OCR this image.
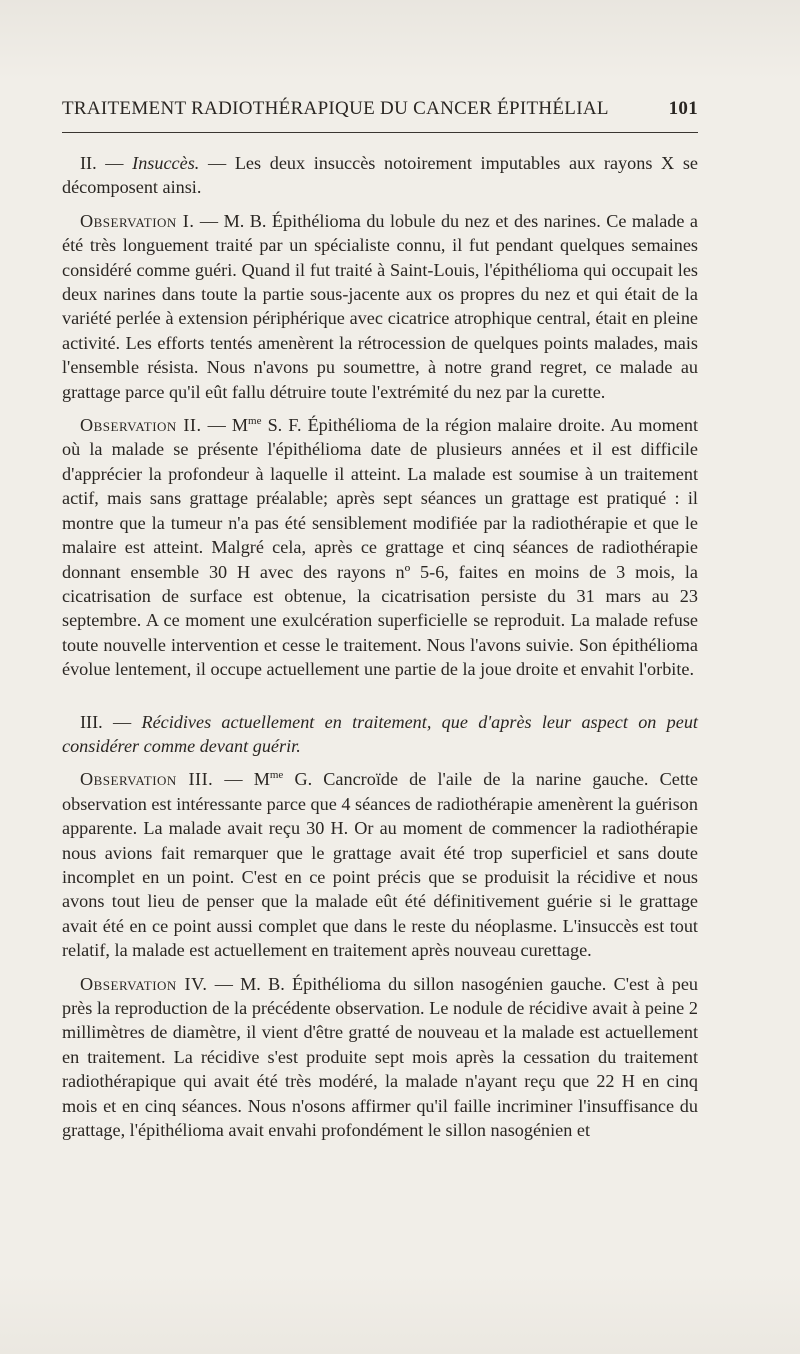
TRAITEMENT RADIOTHÉRAPIQUE DU CANCER ÉPITHÉLIAL	101

II. — Insuccès. — Les deux insuccès notoirement imputables aux rayons X se décomposent ainsi.

Observation I. — M. B. Épithélioma du lobule du nez et des narines. Ce malade a été très longuement traité par un spécialiste connu, il fut pendant quelques semaines considéré comme guéri. Quand il fut traité à Saint-Louis, l'épithélioma qui occupait les deux narines dans toute la partie sous-jacente aux os propres du nez et qui était de la variété perlée à extension périphérique avec cicatrice atrophique central, était en pleine activité. Les efforts tentés amenèrent la rétrocession de quelques points malades, mais l'ensemble résista. Nous n'avons pu soumettre, à notre grand regret, ce malade au grattage parce qu'il eût fallu détruire toute l'extrémité du nez par la curette.

Observation II. — $M^{me}$ S. F. Épithélioma de la région malaire droite. Au moment où la malade se présente l'épithélioma date de plusieurs années et il est difficile d'apprécier la profondeur à laquelle il atteint. La malade est soumise à un traitement actif, mais sans grattage préalable; après sept séances un grattage est pratiqué : il montre que la tumeur n'a pas été sensiblement modifiée par la radiothérapie et que le malaire est atteint. Malgré cela, après ce grattage et cinq séances de radiothérapie donnant ensemble 30 H avec des rayons nº 5-6, faites en moins de 3 mois, la cicatrisation de surface est obtenue, la cicatrisation persiste du 31 mars au 23 septembre. A ce moment une exulcération superficielle se reproduit. La malade refuse toute nouvelle intervention et cesse le traitement. Nous l'avons suivie. Son épithélioma évolue lentement, il occupe actuellement une partie de la joue droite et envahit l'orbite.

III. — Récidives actuellement en traitement, que d'après leur aspect on peut considérer comme devant guérir.

Observation III. — $M^{me}$ G. Cancroïde de l'aile de la narine gauche. Cette observation est intéressante parce que 4 séances de radiothérapie amenèrent la guérison apparente. La malade avait reçu 30 H. Or au moment de commencer la radiothérapie nous avions fait remarquer que le grattage avait été trop superficiel et sans doute incomplet en un point. C'est en ce point précis que se produisit la récidive et nous avons tout lieu de penser que la malade eût été définitivement guérie si le grattage avait été en ce point aussi complet que dans le reste du néoplasme. L'insuccès est tout relatif, la malade est actuellement en traitement après nouveau curettage.

Observation IV. — M. B. Épithélioma du sillon nasogénien gauche. C'est à peu près la reproduction de la précédente observation. Le nodule de récidive avait à peine 2 millimètres de diamètre, il vient d'être gratté de nouveau et la malade est actuellement en traitement. La récidive s'est produite sept mois après la cessation du traitement radiothérapique qui avait été très modéré, la malade n'ayant reçu que 22 H en cinq mois et en cinq séances. Nous n'osons affirmer qu'il faille incriminer l'insuffisance du grattage, l'épithélioma avait envahi profondément le sillon nasogénien et
